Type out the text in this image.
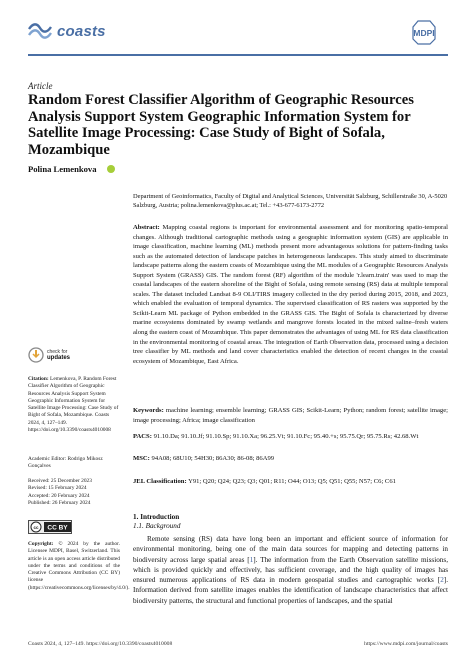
coasts	MDPI
Article
Random Forest Classifier Algorithm of Geographic Resources Analysis Support System Geographic Information System for Satellite Image Processing: Case Study of Bight of Sofala, Mozambique
Polina Lemenkova
Department of Geoinformatics, Faculty of Digital and Analytical Sciences, Universität Salzburg, Schillerstraße 30, A-5020 Salzburg, Austria; polina.lemenkova@plus.ac.at; Tel.: +43-677-6173-2772
Abstract: Mapping coastal regions is important for environmental assessment and for monitoring spatio-temporal changes. Although traditional cartographic methods using a geographic information system (GIS) are applicable in image classification, machine learning (ML) methods present more advantageous solutions for pattern-finding tasks such as the automated detection of landscape patches in heterogeneous landscapes. This study aimed to discriminate landscape patterns along the eastern coasts of Mozambique using the ML modules of a Geographic Resources Analysis Support System (GRASS) GIS. The random forest (RF) algorithm of the module 'r.learn.train' was used to map the coastal landscapes of the eastern shoreline of the Bight of Sofala, using remote sensing (RS) data at multiple temporal scales. The dataset included Landsat 8-9 OLI/TIRS imagery collected in the dry period during 2015, 2018, and 2023, which enabled the evaluation of temporal dynamics. The supervised classification of RS rasters was supported by the Scikit-Learn ML package of Python embedded in the GRASS GIS. The Bight of Sofala is characterized by diverse marine ecosystems dominated by swamp wetlands and mangrove forests located in the mixed saline–fresh waters along the eastern coast of Mozambique. This paper demonstrates the advantages of using ML for RS data classification in the environmental monitoring of coastal areas. The integration of Earth Observation data, processed using a decision tree classifier by ML methods and land cover characteristics enabled the detection of recent changes in the coastal ecosystem of Mozambique, East Africa.
Keywords: machine learning; ensemble learning; GRASS GIS; Scikit-Learn; Python; random forest; satellite image; image processing; Africa; image classification
PACS: 91.10.Da; 91.10.Jf; 91.10.Sp; 91.10.Xa; 96.25.Vt; 91.10.Fc; 95.40.+s; 95.75.Qr; 95.75.Rs; 42.68.Wt
MSC: 94A08; 68U10; 54H30; 86A30; 86-08; 86A99
JEL Classification: Y91; Q20; Q24; Q23; Q3; Q01; R11; O44; O13; Q5; Q51; Q55; N57; C6; C61
1. Introduction
1.1. Background
Remote sensing (RS) data have long been an important and efficient source of information for environmental monitoring, being one of the main data sources for mapping and detecting patterns in biodiversity across large spatial areas [1]. The information from the Earth Observation satellite missions, which is provided quickly and effectively, has sufficient coverage, and the high quality of images has ensured numerous applications of RS data in modern geospatial studies and cartographic works [2]. Information derived from satellite images enables the identification of landscape characteristics that affect biodiversity patterns, the structural and functional properties of landscapes, and the spatial
check for
updates
Citation: Lemenkova, P. Random Forest Classifier Algorithm of Geographic Resources Analysis Support System Geographic Information System for Satellite Image Processing: Case Study of Bight of Sofala, Mozambique. Coasts 2024, 4, 127–149. https://doi.org/10.3390/coasts4010008
Academic Editor: Rodrigo Mikosz Gonçalves
Received: 25 December 2023
Revised: 15 February 2024
Accepted: 20 February 2024
Published: 26 February 2024
cc CC BY
Copyright: © 2024 by the author. Licensee MDPI, Basel, Switzerland. This article is an open access article distributed under the terms and conditions of the Creative Commons Attribution (CC BY) license (https://creativecommons.org/licenses/by/4.0/).
Coasts 2024, 4, 127–149. https://doi.org/10.3390/coasts4010008	https://www.mdpi.com/journal/coasts
